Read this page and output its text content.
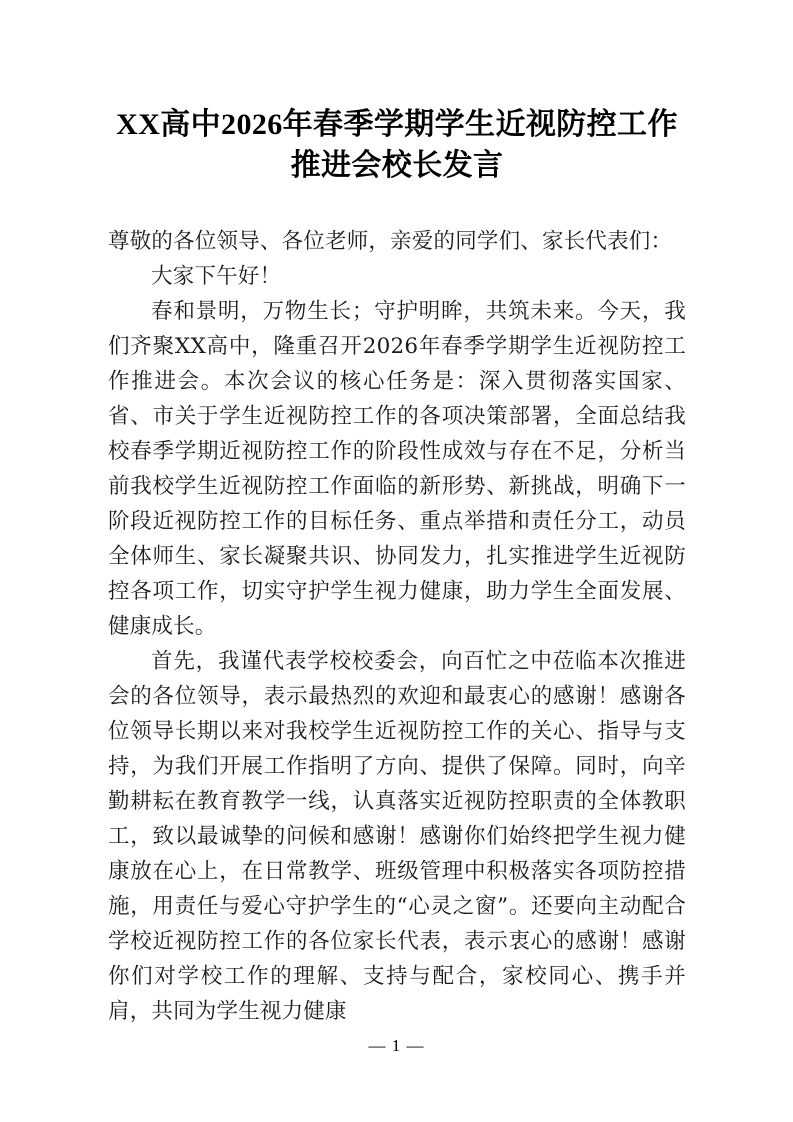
XX高中2026年春季学期学生近视防控工作推进会校长发言

尊敬的各位领导、各位老师，亲爱的同学们、家长代表们：

大家下午好！

春和景明，万物生长；守护明眸，共筑未来。今天，我们齐聚XX高中，隆重召开2026年春季学期学生近视防控工作推进会。本次会议的核心任务是：深入贯彻落实国家、省、市关于学生近视防控工作的各项决策部署，全面总结我校春季学期近视防控工作的阶段性成效与存在不足，分析当前我校学生近视防控工作面临的新形势、新挑战，明确下一阶段近视防控工作的目标任务、重点举措和责任分工，动员全体师生、家长凝聚共识、协同发力，扎实推进学生近视防控各项工作，切实守护学生视力健康，助力学生全面发展、健康成长。

首先，我谨代表学校校委会，向百忙之中莅临本次推进会的各位领导，表示最热烈的欢迎和最衷心的感谢！感谢各位领导长期以来对我校学生近视防控工作的关心、指导与支持，为我们开展工作指明了方向、提供了保障。同时，向辛勤耕耘在教育教学一线，认真落实近视防控职责的全体教职工，致以最诚挚的问候和感谢！感谢你们始终把学生视力健康放在心上，在日常教学、班级管理中积极落实各项防控措施，用责任与爱心守护学生的“心灵之窗”。还要向主动配合学校近视防控工作的各位家长代表，表示衷心的感谢！感谢你们对学校工作的理解、支持与配合，家校同心、携手并肩，共同为学生视力健康

— 1 —
